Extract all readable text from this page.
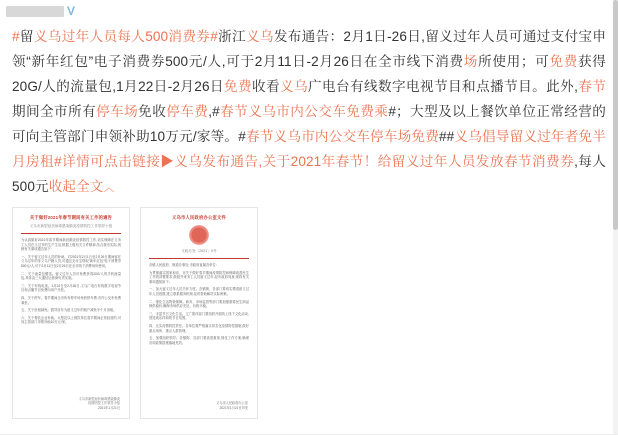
V
#留义乌过年人员每人500消费券#浙江义乌发布通告：2月1日-26日,留义过年人员可通过支付宝申领“新年红包”电子消费券500元/人,可于2月11日-2月26日在全市线下消费场所使用；可免费获得20G/人的流量包,1月22日-2月26日免费收看义乌广电台有线数字电视节目和点播节目。此外,春节期间全市所有停车场免收停车费,#春节义乌市内公交车免费乘#；大型及以上餐饮单位正常经营的可向主管部门申领补助10万元/家等。#春节义乌市内公交车停车场免费##义乌倡导留义过年者免半月房租#详情可点击链接▶义乌发布通告,关于2021年春节！给留义过年人员发放春节消费券,每人500元收起全文︿
关于做好2021年春节期间有关工作的通告
义乌市新型冠状病毒感染肺炎疫情防控工作领导小组

为认真做好2021年春节期间新冠肺炎疫情防控工作,切实保障在义务工人员在义过节的生产生活,根据上级有关文件精神,结合我市实际,现就有关事项通告如下:

一、关于留义过年人员的补助。对2021年2月1日至2月26日期间留在义乌过年的非义乌户籍人员,可通过支付宝领取“新年红包”电子消费券500元/人,可于2月11日至2月26日在全市线下消费场所使用。

二、关于流量包赠送。留义过年人员可免费获得20G/人的手机流量包,具体由三大通信运营商负责实施。

三、关于有线电视。1月22日至2月26日,义乌广电台有线数字电视节目和点播节目免费向用户开放。

四、关于停车。春节期间全市所有停车场免收停车费,市内公交车免费乘坐。

五、关于房租减免。倡导房东为留义过年的租户减免半个月房租。

六、关于餐饮企业补助。大型及以上餐饮单位春节期间正常经营的,可向主管部门申领补助10万元/家。

义乌市新型冠状病毒感染肺炎
疫情防控工作领导小组
2021年1月21日
义乌市人民政府办公室文件
义政办发〔2021〕X号

各镇人民政府、街道办事处,市政府直属各单位:

为贯彻落实国家和省、市关于做好春节期间疫情防控和保障改善民生工作的部署要求,鼓励外来务工人员留义过年,经市政府同意,现将有关事项通知如下:

一、加大留义过年人员关怀力度。各镇街、各部门要切实摸清留义过年人员底数,建立联系服务机制,及时帮助解决实际困难。

二、强化生活物资保障。商务、市场监管等部门要加强重要民生商品保供稳价,确保市场供应充足、价格平稳。

三、丰富节日文化生活。文广旅体部门要组织开展线上线下文化活动,营造欢乐祥和的节日氛围。

四、压实疫情防控责任。各单位要严格落实常态化疫情防控措施,做好重点场所、重点人群管理。

五、加强组织领导。各镇街、各部门要高度重视,细化工作方案,确保各项政策措施落地见效。

义乌市人民政府办公室
2021年1月21日印发
